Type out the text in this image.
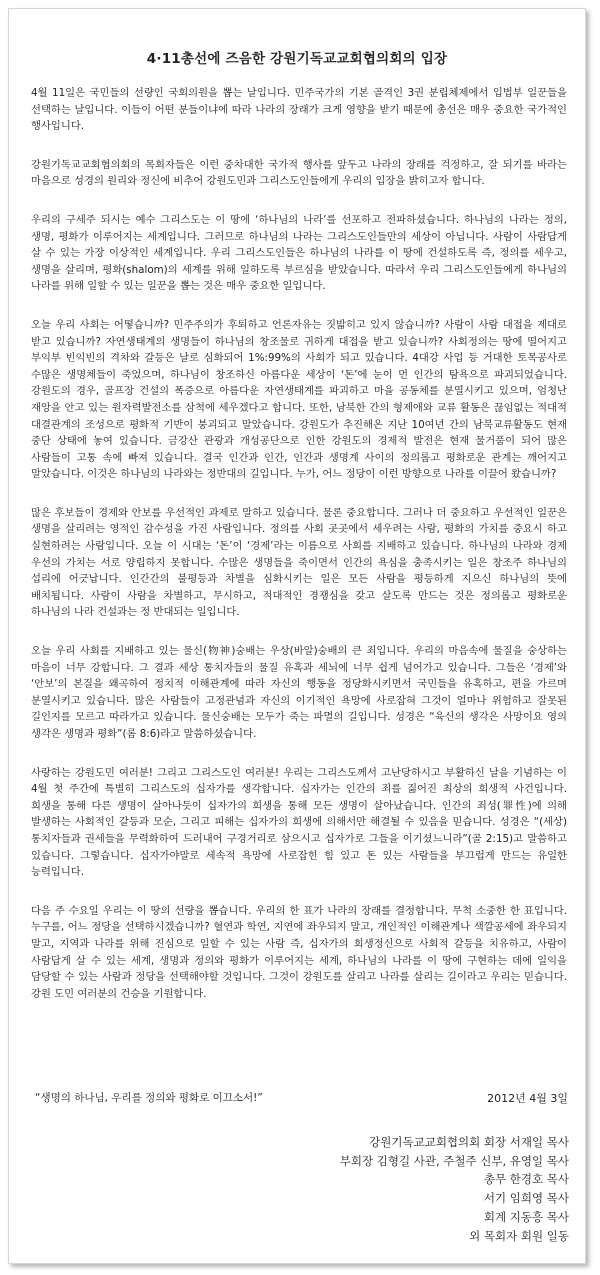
4·11총선에 즈음한 강원기독교교회협의회의 입장

4월 11일은 국민들의 선량인 국회의원을 뽑는 날입니다. 민주국가의 기본 골격인 3권 분립체제에서 입법부 일꾼들을 선택하는 날입니다. 이들이 어떤 분들이냐에 따라 나라의 장래가 크게 영향을 받기 때문에 총선은 매우 중요한 국가적인 행사입니다.

강원기독교교회협의회의 목회자들은 이런 중차대한 국가적 행사를 앞두고 나라의 장래를 걱정하고, 잘 되기를 바라는 마음으로 성경의 원리와 정신에 비추어 강원도민과 그리스도인들에게 우리의 입장을 밝히고자 합니다.

우리의 구세주 되시는 예수 그리스도는 이 땅에 ‘하나님의 나라’를 선포하고 전파하셨습니다. 하나님의 나라는 정의, 생명, 평화가 이루어지는 세계입니다. 그러므로 하나님의 나라는 그리스도인들만의 세상이 아닙니다. 사람이 사람답게 살 수 있는 가장 이상적인 세계입니다. 우리 그리스도인들은 하나님의 나라를 이 땅에 건설하도록 즉, 정의를 세우고, 생명을 살리며, 평화(shalom)의 세계를 위해 일하도록 부르심을 받았습니다. 따라서 우리 그리스도인들에게 하나님의 나라를 위해 일할 수 있는 일꾼을 뽑는 것은 매우 중요한 일입니다.

오늘 우리 사회는 어떻습니까? 민주주의가 후퇴하고 언론자유는 짓밟히고 있지 않습니까? 사람이 사람 대접을 제대로 받고 있습니까? 자연생태계의 생명들이 하나님의 창조물로 귀하게 대접을 받고 있습니까? 사회정의는 땅에 떨어지고 부익부 빈익빈의 격차와 갈등은 날로 심화되어 1%:99%의 사회가 되고 있습니다. 4대강 사업 등 거대한 토목공사로 수많은 생명체들이 죽었으며, 하나님이 창조하신 아름다운 세상이 ‘돈’에 눈이 먼 인간의 탐욕으로 파괴되었습니다. 강원도의 경우, 골프장 건설의 폭증으로 아름다운 자연생태계를 파괴하고 마을 공동체를 분열시키고 있으며, 엄청난 재앙을 안고 있는 원자력발전소를 삼척에 세우겠다고 합니다. 또한, 남북한 간의 형제애와 교류 활동은 끊임없는 적대적 대결관계의 조성으로 평화적 기반이 붕괴되고 말았습니다. 강원도가 추진해온 지난 10여년 간의 남북교류활동도 현재 중단 상태에 놓여 있습니다. 금강산 관광과 개성공단으로 인한 강원도의 경제적 발전은 현재 물거품이 되어 많은 사람들이 고통 속에 빠져 있습니다. 결국 인간과 인간, 인간과 생명계 사이의 정의롭고 평화로운 관계는 깨어지고 말았습니다. 이것은 하나님의 나라와는 정반대의 길입니다. 누가, 어느 정당이 이런 방향으로 나라를 이끌어 왔습니까?

많은 후보들이 경제와 안보를 우선적인 과제로 말하고 있습니다. 물론 중요합니다. 그러나 더 중요하고 우선적인 일꾼은 생명을 살리려는 영적인 감수성을 가진 사람입니다. 정의를 사회 곳곳에서 세우려는 사람, 평화의 가치를 중요시 하고 실현하려는 사람입니다. 오늘 이 시대는 ‘돈’이 ‘경제’라는 이름으로 사회를 지배하고 있습니다. 하나님의 나라와 경제 우선의 가치는 서로 양립하지 못합니다. 수많은 생명들을 죽이면서 인간의 욕심을 충족시키는 일은 창조주 하나님의 섭리에 어긋납니다. 인간간의 불평등과 차별을 심화시키는 일은 모든 사람을 평등하게 지으신 하나님의 뜻에 배치됩니다. 사람이 사람을 차별하고, 무시하고, 적대적인 경쟁심을 갖고 살도록 만드는 것은 정의롭고 평화로운 하나님의 나라 건설과는 정 반대되는 일입니다.

오늘 우리 사회를 지배하고 있는 물신(物神)숭배는 우상(바알)숭배의 큰 죄입니다. 우리의 마음속에 물질을 숭상하는 마음이 너무 강합니다. 그 결과 세상 통치자들의 물질 유혹과 세뇌에 너무 쉽게 넘어가고 있습니다. 그들은 ‘경제’와 ‘안보’의 본질을 왜곡하여 정치적 이해관계에 따라 자신의 행동을 정당화시키면서 국민들을 유혹하고, 편을 가르며 분열시키고 있습니다. 많은 사람들이 고정관념과 자신의 이기적인 욕망에 사로잡혀 그것이 얼마나 위험하고 잘못된 길인지를 모르고 따라가고 있습니다. 물신숭배는 모두가 죽는 파멸의 길입니다. 성경은 “육신의 생각은 사망이요 영의 생각은 생명과 평화”(롬 8:6)라고 말씀하셨습니다.

사랑하는 강원도민 여러분! 그리고 그리스도인 여러분! 우리는 그리스도께서 고난당하시고 부활하신 날을 기념하는 이 4월 첫 주간에 특별히 그리스도의 십자가를 생각합니다. 십자가는 인간의 죄를 짊어진 최상의 희생적 사건입니다. 희생을 통해 다른 생명이 살아나듯이 십자가의 희생을 통해 모든 생명이 살아났습니다. 인간의 죄성(罪性)에 의해 발생하는 사회적인 갈등과 모순, 그리고 피해는 십자가의 희생에 의해서만 해결될 수 있음을 믿습니다. 성경은 “(세상)통치자들과 권세들을 무력화하여 드러내어 구경거리로 삼으시고 십자가로 그들을 이기셨느니라”(골 2:15)고 말씀하고 있습니다. 그렇습니다. 십자가야말로 세속적 욕망에 사로잡힌 힘 있고 돈 있는 사람들을 부끄럽게 만드는 유일한 능력입니다.

다음 주 수요일 우리는 이 땅의 선량을 뽑습니다. 우리의 한 표가 나라의 장래를 결정합니다. 무척 소중한 한 표입니다. 누구를, 어느 정당을 선택하시겠습니까? 혈연과 학연, 지연에 좌우되지 말고, 개인적인 이해관계나 색깔공세에 좌우되지 말고, 지역과 나라를 위해 진심으로 일할 수 있는 사람 즉, 십자가의 희생정신으로 사회적 갈등을 치유하고, 사람이 사람답게 살 수 있는 세계, 생명과 정의와 평화가 이루어지는 세계, 하나님의 나라를 이 땅에 구현하는 데에 일익을 담당할 수 있는 사람과 정당을 선택해야할 것입니다. 그것이 강원도를 살리고 나라를 살리는 길이라고 우리는 믿습니다. 강원 도민 여러분의 건승을 기원합니다.

“생명의 하나님, 우리를 정의와 평화로 이끄소서!”	2012년 4월 3일

강원기독교교회협의회 회장 서재일 목사

부회장 김형길 사관, 주철주 신부, 유영일 목사

총무 한경호 목사

서기 임희영 목사

회계 지동흥 목사

외 목회자 회원 일동
